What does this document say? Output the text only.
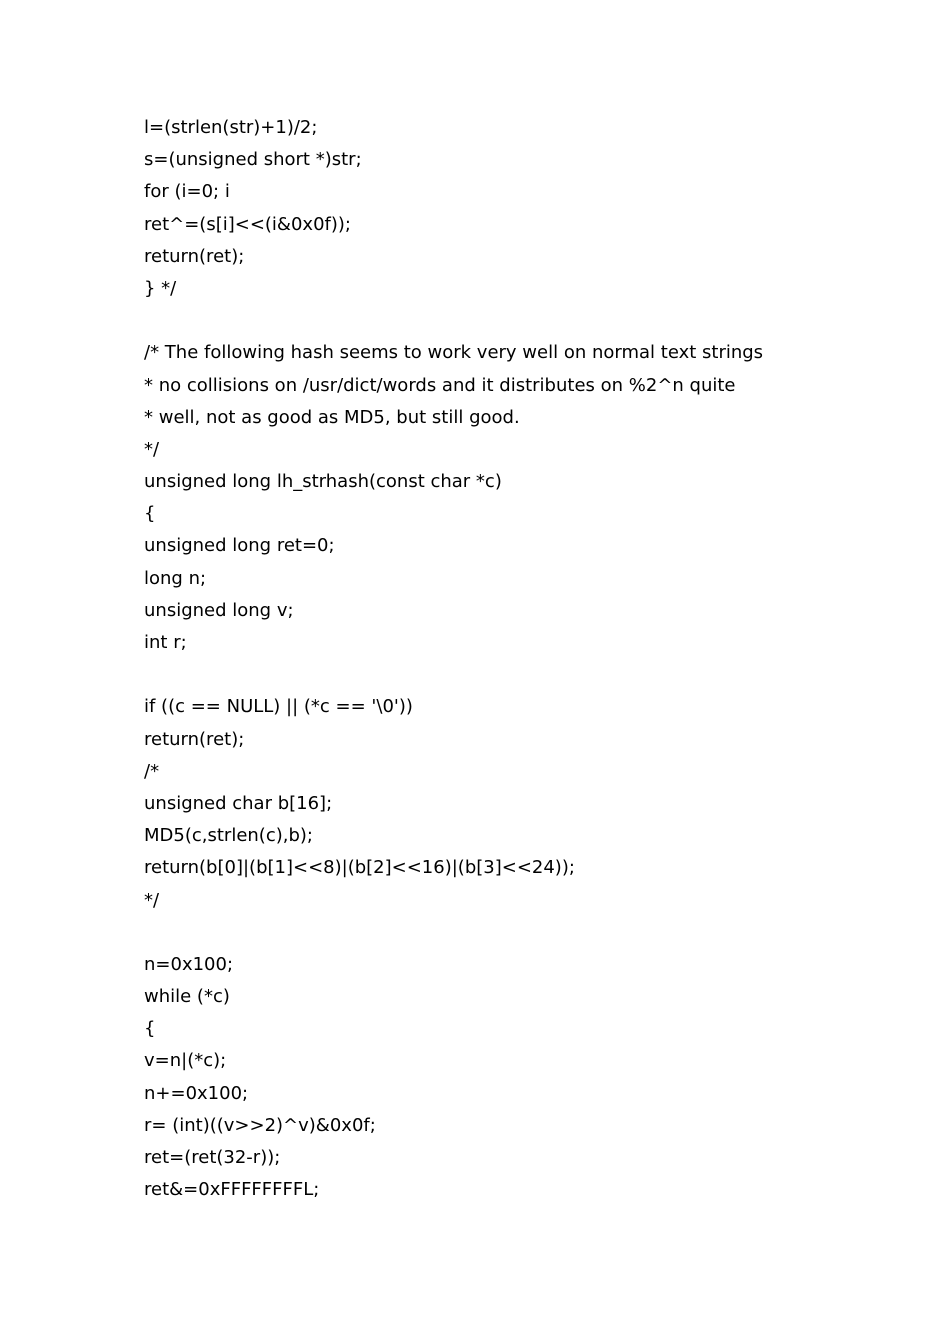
l=(strlen(str)+1)/2;
s=(unsigned short *)str;
for (i=0; i
ret^=(s[i]<<(i&0x0f));
return(ret);
} */
/* The following hash seems to work very well on normal text strings
* no collisions on /usr/dict/words and it distributes on %2^n quite
* well, not as good as MD5, but still good.
*/
unsigned long lh_strhash(const char *c)
{
unsigned long ret=0;
long n;
unsigned long v;
int r;
if ((c == NULL) || (*c == '\0'))
return(ret);
/*
unsigned char b[16];
MD5(c,strlen(c),b);
return(b[0]|(b[1]<<8)|(b[2]<<16)|(b[3]<<24));
*/
n=0x100;
while (*c)
{
v=n|(*c);
n+=0x100;
r= (int)((v>>2)^v)&0x0f;
ret=(ret(32-r));
ret&=0xFFFFFFFFL;
